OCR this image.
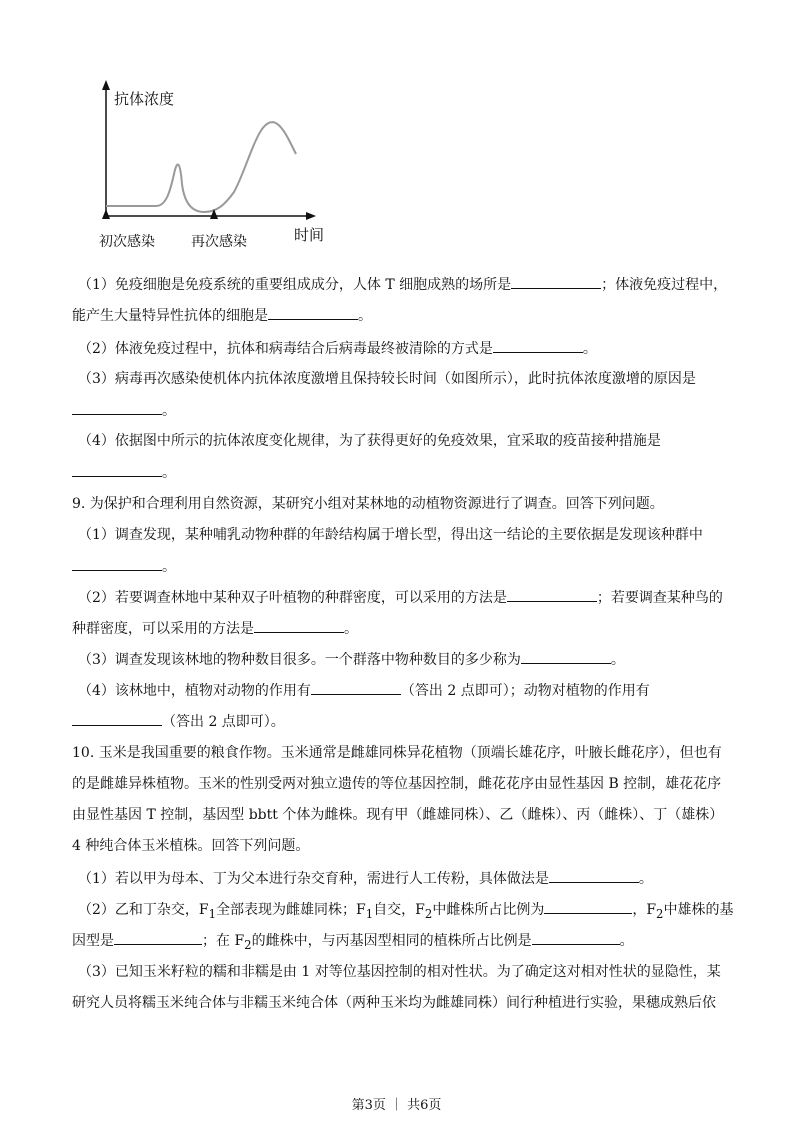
抗体浓度
时间
初次感染	再次感染
（1）免疫细胞是免疫系统的重要组成成分，人体 T 细胞成熟的场所是	；体液免疫过程中，
能产生大量特异性抗体的细胞是	。
（2）体液免疫过程中，抗体和病毒结合后病毒最终被清除的方式是	。
（3）病毒再次感染使机体内抗体浓度激增且保持较长时间（如图所示），此时抗体浓度激增的原因是
。
（4）依据图中所示的抗体浓度变化规律，为了获得更好的免疫效果，宜采取的疫苗接种措施是
。
9. 为保护和合理利用自然资源，某研究小组对某林地的动植物资源进行了调查。回答下列问题。
（1）调查发现，某种哺乳动物种群的年龄结构属于增长型，得出这一结论的主要依据是发现该种群中
。
（2）若要调查林地中某种双子叶植物的种群密度，可以采用的方法是	；若要调查某种鸟的
种群密度，可以采用的方法是	。
（3）调查发现该林地的物种数目很多。一个群落中物种数目的多少称为	。
（4）该林地中，植物对动物的作用有	（答出 2 点即可）；动物对植物的作用有
（答出 2 点即可）。
10. 玉米是我国重要的粮食作物。玉米通常是雌雄同株异花植物（顶端长雄花序，叶腋长雌花序），但也有
的是雌雄异株植物。玉米的性别受两对独立遗传的等位基因控制，雌花花序由显性基因 B 控制，雄花花序
由显性基因 T 控制，基因型 bbtt 个体为雌株。现有甲（雌雄同株）、乙（雌株）、丙（雌株）、丁（雄株）
4 种纯合体玉米植株。回答下列问题。
（1）若以甲为母本、丁为父本进行杂交育种，需进行人工传粉，具体做法是	。
（2）乙和丁杂交，$F_1$全部表现为雌雄同株；$F_1$自交，$F_2$中雌株所占比例为	，$F_2$中雄株的基
因型是	；在 $F_2$的雌株中，与丙基因型相同的植株所占比例是	。
（3）已知玉米籽粒的糯和非糯是由 1 对等位基因控制的相对性状。为了确定这对相对性状的显隐性，某
研究人员将糯玉米纯合体与非糯玉米纯合体（两种玉米均为雌雄同株）间行种植进行实验，果穗成熟后依
第3页 ｜ 共6页
